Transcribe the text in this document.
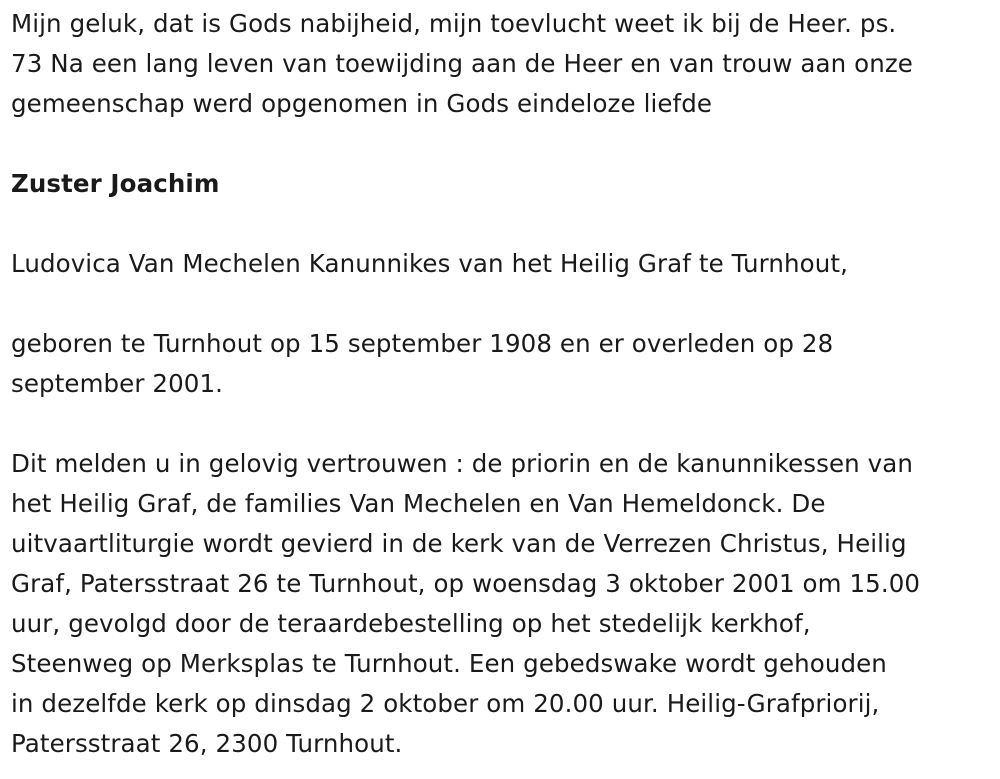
Mijn geluk, dat is Gods nabijheid, mijn toevlucht weet ik bij de Heer. ps.

73 Na een lang leven van toewijding aan de Heer en van trouw aan onze

gemeenschap werd opgenomen in Gods eindeloze liefde

Zuster Joachim

Ludovica Van Mechelen Kanunnikes van het Heilig Graf te Turnhout,

geboren te Turnhout op 15 september 1908 en er overleden op 28

september 2001.

Dit melden u in gelovig vertrouwen : de priorin en de kanunnikessen van

het Heilig Graf, de families Van Mechelen en Van Hemeldonck. De

uitvaartliturgie wordt gevierd in de kerk van de Verrezen Christus, Heilig

Graf, Patersstraat 26 te Turnhout, op woensdag 3 oktober 2001 om 15.00

uur, gevolgd door de teraardebestelling op het stedelijk kerkhof,

Steenweg op Merksplas te Turnhout. Een gebedswake wordt gehouden

in dezelfde kerk op dinsdag 2 oktober om 20.00 uur. Heilig-Grafpriorij,

Patersstraat 26, 2300 Turnhout.
